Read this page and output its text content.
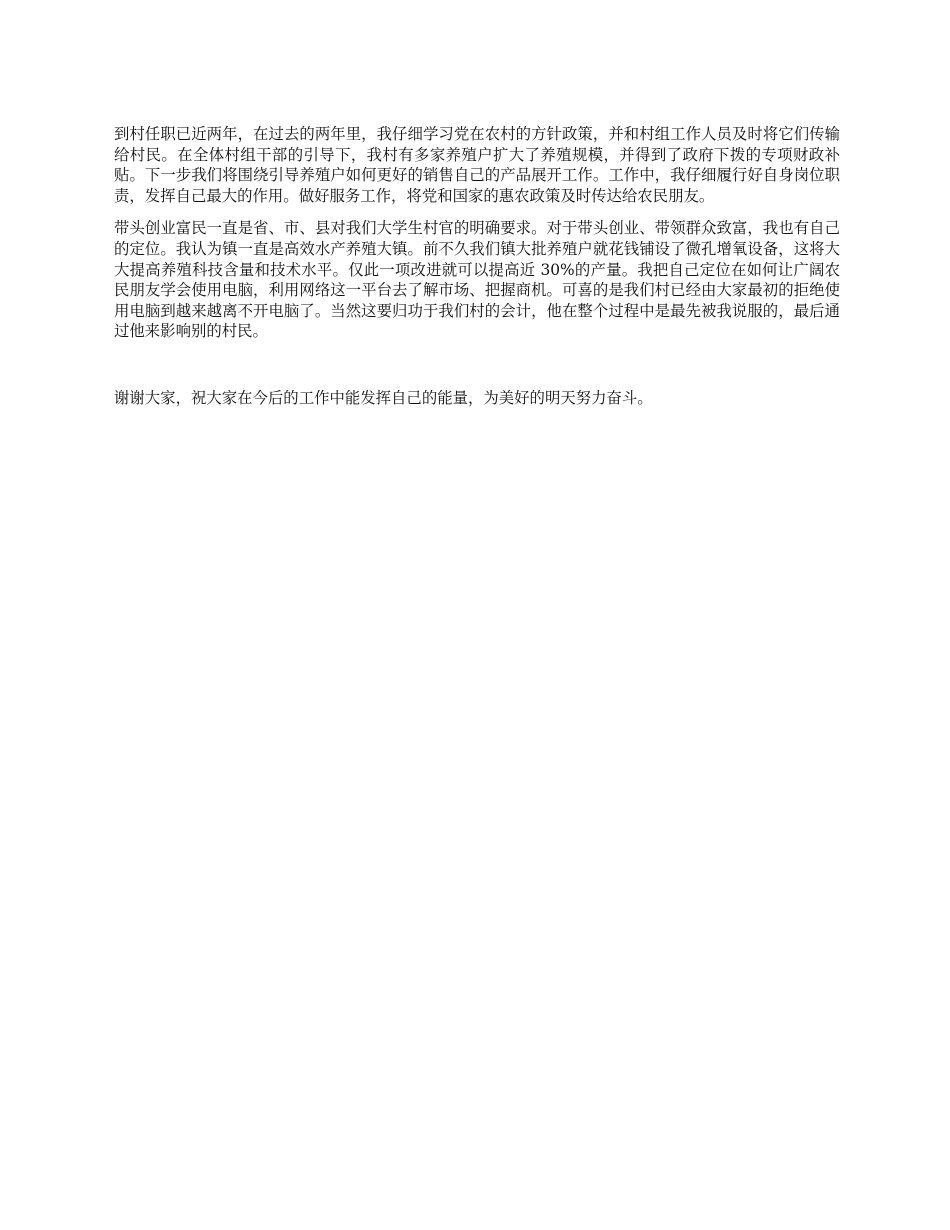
到村任职已近两年，在过去的两年里，我仔细学习党在农村的方针政策，并和村组工作人员及时将它们传输给村民。在全体村组干部的引导下，我村有多家养殖户扩大了养殖规模，并得到了政府下拨的专项财政补贴。下一步我们将围绕引导养殖户如何更好的销售自己的产品展开工作。工作中，我仔细履行好自身岗位职责，发挥自己最大的作用。做好服务工作，将党和国家的惠农政策及时传达给农民朋友。

带头创业富民一直是省、市、县对我们大学生村官的明确要求。对于带头创业、带领群众致富，我也有自己的定位。我认为镇一直是高效水产养殖大镇。前不久我们镇大批养殖户就花钱铺设了微孔增氧设备，这将大大提高养殖科技含量和技术水平。仅此一项改进就可以提高近 30%的产量。我把自己定位在如何让广阔农民朋友学会使用电脑，利用网络这一平台去了解市场、把握商机。可喜的是我们村已经由大家最初的拒绝使用电脑到越来越离不开电脑了。当然这要归功于我们村的会计，他在整个过程中是最先被我说服的，最后通过他来影响别的村民。

谢谢大家，祝大家在今后的工作中能发挥自己的能量，为美好的明天努力奋斗。
